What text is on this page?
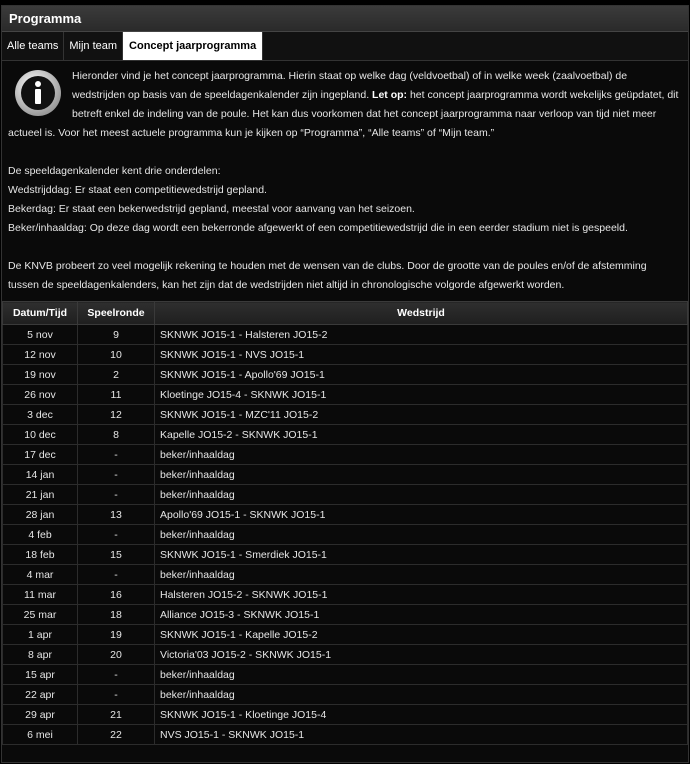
Programma
Alle teams	Mijn team	Concept jaarprogramma

Hieronder vind je het concept jaarprogramma. Hierin staat op welke dag (veldvoetbal) of in welke week (zaalvoetbal) de wedstrijden op basis van de speeldagenkalender zijn ingepland. Let op: het concept jaarprogramma wordt wekelijks geüpdatet, dit betreft enkel de indeling van de poule. Het kan dus voorkomen dat het concept jaarprogramma naar verloop van tijd niet meer actueel is. Voor het meest actuele programma kun je kijken op “Programma”, “Alle teams” of “Mijn team.”

De speeldagenkalender kent drie onderdelen:

Wedstrijddag: Er staat een competitiewedstrijd gepland.

Bekerdag: Er staat een bekerwedstrijd gepland, meestal voor aanvang van het seizoen.

Beker/inhaaldag: Op deze dag wordt een bekerronde afgewerkt of een competitiewedstrijd die in een eerder stadium niet is gespeeld.

De KNVB probeert zo veel mogelijk rekening te houden met de wensen van de clubs. Door de grootte van de poules en/of de afstemming tussen de speeldagenkalenders, kan het zijn dat de wedstrijden niet altijd in chronologische volgorde afgewerkt worden.

Datum/Tijd	Speelronde	Wedstrijd
5 nov	9	SKNWK JO15-1 - Halsteren JO15-2
12 nov	10	SKNWK JO15-1 - NVS JO15-1
19 nov	2	SKNWK JO15-1 - Apollo'69 JO15-1
26 nov	11	Kloetinge JO15-4 - SKNWK JO15-1
3 dec	12	SKNWK JO15-1 - MZC'11 JO15-2
10 dec	8	Kapelle JO15-2 - SKNWK JO15-1
17 dec	-	beker/inhaaldag
14 jan	-	beker/inhaaldag
21 jan	-	beker/inhaaldag
28 jan	13	Apollo'69 JO15-1 - SKNWK JO15-1
4 feb	-	beker/inhaaldag
18 feb	15	SKNWK JO15-1 - Smerdiek JO15-1
4 mar	-	beker/inhaaldag
11 mar	16	Halsteren JO15-2 - SKNWK JO15-1
25 mar	18	Alliance JO15-3 - SKNWK JO15-1
1 apr	19	SKNWK JO15-1 - Kapelle JO15-2
8 apr	20	Victoria'03 JO15-2 - SKNWK JO15-1
15 apr	-	beker/inhaaldag
22 apr	-	beker/inhaaldag
29 apr	21	SKNWK JO15-1 - Kloetinge JO15-4
6 mei	22	NVS JO15-1 - SKNWK JO15-1
